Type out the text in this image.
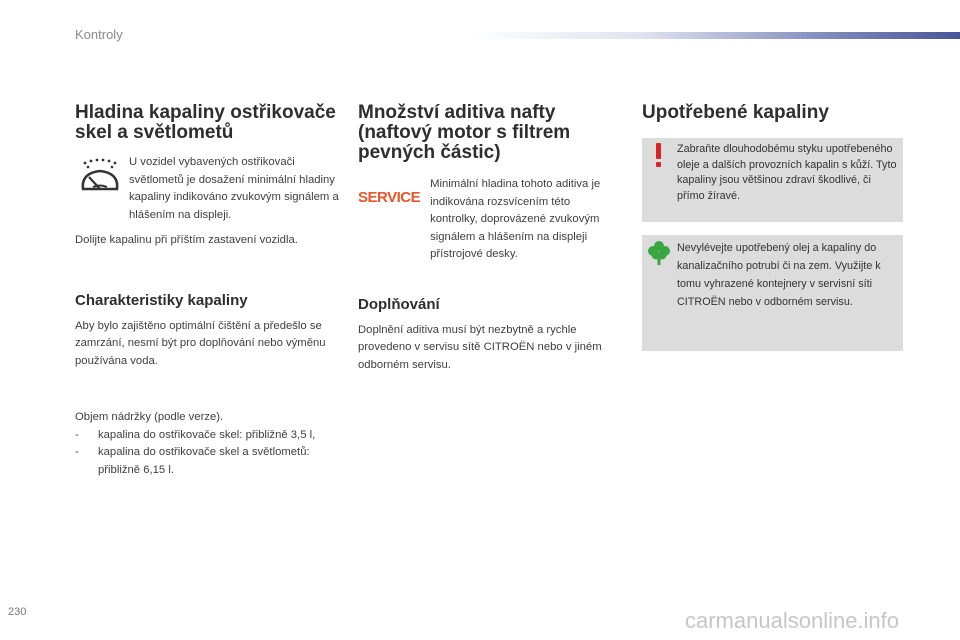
Kontroly
Hladina kapaliny ostřikovače skel a světlometů

U vozidel vybavených ostřikovači světlometů je dosažení minimální hladiny kapaliny indikováno zvukovým signálem a hlášením na displeji.

Dolijte kapalinu při příštím zastavení vozidla.

Charakteristiky kapaliny

Aby bylo zajištěno optimální čištění a předešlo se zamrzání, nesmí být pro doplňování nebo výměnu používána voda.

Objem nádržky (podle verze).

- kapalina do ostřikovače skel: přibližně 3,5 l,
- kapalina do ostřikovače skel a světlometů: přibližně 6,15 l.
Množství aditiva nafty (naftový motor s filtrem pevných částic)
SERVICE

Minimální hladina tohoto aditiva je indikována rozsvícením této kontrolky, doprovázené zvukovým signálem a hlášením na displeji přístrojové desky.

Doplňování

Doplnění aditiva musí být nezbytně a rychle provedeno v servisu sítě CITROËN nebo v jiném odborném servisu.

Upotřebené kapaliny

Zabraňte dlouhodobému styku upotřebeného oleje a dalších provozních kapalin s kůží. Tyto kapaliny jsou většinou zdraví škodlivé, či přímo žíravé.

Nevylévejte upotřebený olej a kapaliny do kanalizačního potrubí či na zem. Využijte k tomu vyhrazené kontejnery v servisní síti CITROËN nebo v odborném servisu.

230	carmanualsonline.info
